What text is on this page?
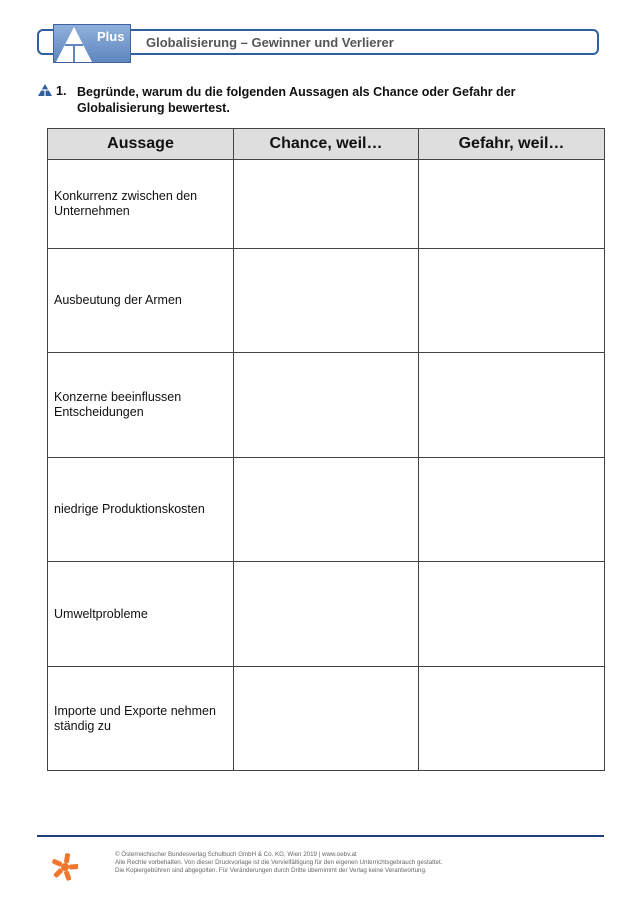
Plus Globalisierung – Gewinner und Verlierer
1. Begründe, warum du die folgenden Aussagen als Chance oder Gefahr der
Globalisierung bewertest.
Aussage	Chance, weil…	Gefahr, weil…

Konkurrenz zwischen den
Unternehmen		

Ausbeutung der Armen		

Konzerne beeinflussen
Entscheidungen		

niedrige Produktionskosten		

Umweltprobleme		

Importe und Exporte nehmen
ständig zu		

© Österreichischer Bundesverlag Schulbuch GmbH & Co. KG, Wien 2019 | www.oebv.at
Alle Rechte vorbehalten. Von dieser Druckvorlage ist die Vervielfältigung für den eigenen Unterrichtsgebrauch gestattet.
Die Kopiergebühren sind abgegolten. Für Veränderungen durch Dritte übernimmt der Verlag keine Verantwortung.
